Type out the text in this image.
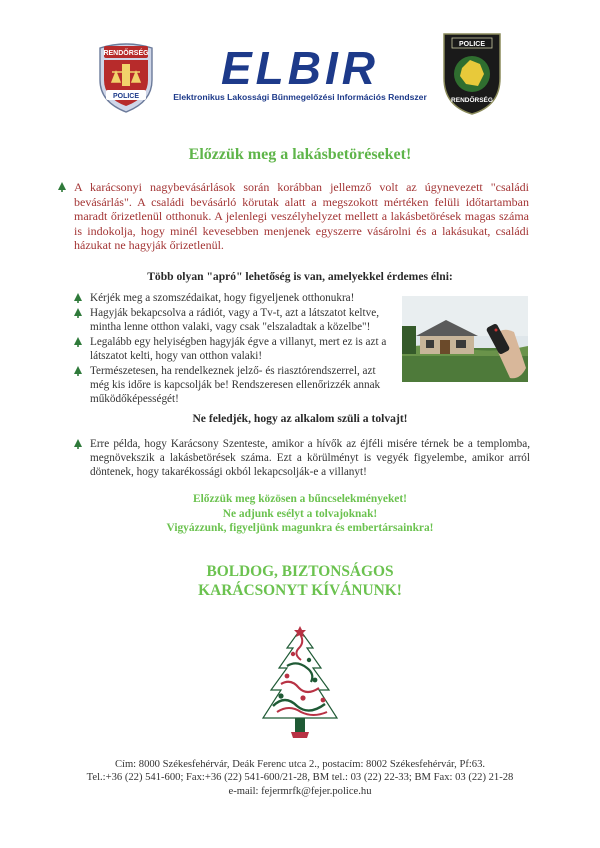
RENDŐRSÉG
POLICE
ELBIR
Elektronikus Lakossági Bűnmegelőzési Információs Rendszer
POLICE
RENDŐRSÉG
Előzzük meg a lakásbetöréseket!
A karácsonyi nagybevásárlások során korábban jellemző volt az úgynevezett "családi bevásárlás". A családi bevásárló körutak alatt a megszokott mértéken felüli időtartamban maradt őrizetlenül otthonuk. A jelenlegi veszélyhelyzet mellett a lakásbetörések magas száma is indokolja, hogy minél kevesebben menjenek egyszerre vásárolni és a lakásukat, családi házukat ne hagyják őrizetlenül.
Több olyan "apró" lehetőség is van, amelyekkel érdemes élni:
Kérjék meg a szomszédaikat, hogy figyeljenek otthonukra!
Hagyják bekapcsolva a rádiót, vagy a Tv-t, azt a látszatot keltve, mintha lenne otthon valaki, vagy csak "elszaladtak a közelbe"!
Legalább egy helyiségben hagyják égve a villanyt, mert ez is azt a látszatot kelti, hogy van otthon valaki!
Természetesen, ha rendelkeznek jelző- és riasztórendszerrel, azt még kis időre is kapcsolják be! Rendszeresen ellenőrizzék annak működőképességét!
Ne feledjék, hogy az alkalom szüli a tolvajt!
Erre példa, hogy Karácsony Szenteste, amikor a hívők az éjféli misére térnek be a templomba, megnövekszik a lakásbetörések száma. Ezt a körülményt is vegyék figyelembe, amikor arról döntenek, hogy takarékossági okból lekapcsolják-e a villanyt!
Előzzük meg közösen a bűncselekményeket!
Ne adjunk esélyt a tolvajoknak!
Vigyázzunk, figyeljünk magunkra és embertársainkra!
BOLDOG, BIZTONSÁGOS
KARÁCSONYT KÍVÁNUNK!
Cím: 8000 Székesfehérvár, Deák Ferenc utca 2., postacím: 8002 Székesfehérvár, Pf:63.
Tel.:+36 (22) 541-600; Fax:+36 (22) 541-600/21-28, BM tel.: 03 (22) 22-33; BM Fax: 03 (22) 21-28
e-mail: fejermrfk@fejer.police.hu
